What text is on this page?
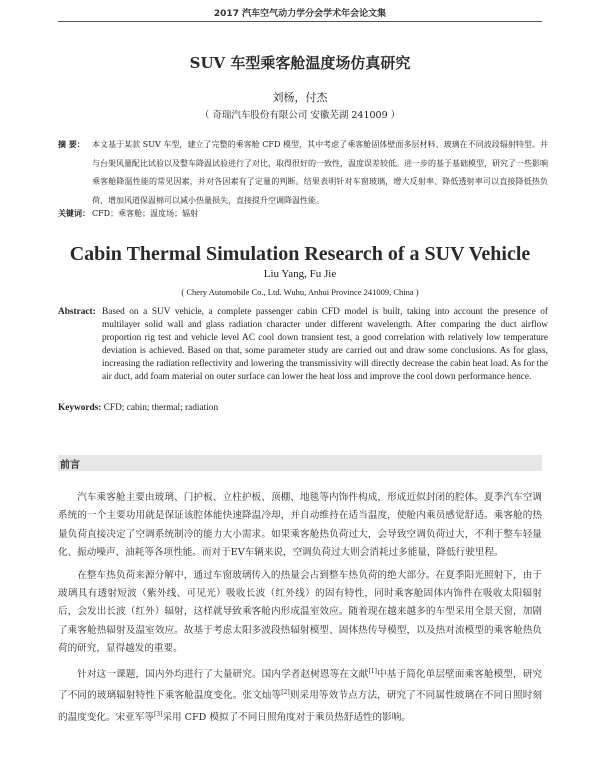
2017 汽车空气动力学分会学术年会论文集
SUV 车型乘客舱温度场仿真研究
刘杨，付杰
（ 奇瑞汽车股份有限公司 安徽芜湖 241009 ）
摘 要： 本文基于某款 SUV 车型，建立了完整的乘客舱 CFD 模型，其中考虑了乘客舱固体壁面多层材料、玻璃在不同波段辐射特型。并与台架风量配比试验以及整车降温试验进行了对比，取得很好的一致性，温度误差较低。进一步的基于基础模型，研究了一些影响乘客舱降温性能的常见因素，并对各因素有了定量的判断。结果表明针对车窗玻璃，增大反射率、降低透射率可以直接降低热负荷，增加风道保温棉可以减小热量损失，直接提升空调降温性能。
关键词： CFD；乘客舱；温度场；辐射
Cabin Thermal Simulation Research of a SUV Vehicle
Liu Yang, Fu Jie
( Chery Automobile Co., Ltd. Wuhu, Anhui Province 241009, China )
Abstract: Based on a SUV vehicle, a complete passenger cabin CFD model is built, taking into account the presence of multilayer solid wall and glass radiation character under different wavelength. After comparing the duct airflow proportion rig test and vehicle level AC cool down transient test, a good correlation with relatively low temperature deviation is achieved. Based on that, some parameter study are carried out and draw some conclusions. As for glass, increasing the radiation reflectivity and lowering the transmissivity will directly decrease the cabin heat load. As for the air duct, add foam material on outer surface can lower the heat loss and improve the cool down performance hence.
Keywords: CFD; cabin; thermal; radiation
前言

汽车乘客舱主要由玻璃、门护板、立柱护板、顶棚、地毯等内饰件构成，形成近似封闭的腔体。夏季汽车空调系统的一个主要功用就是保证该腔体能快速降温冷却，并自动维持在适当温度，使舱内乘员感觉舒适。乘客舱的热量负荷直接决定了空调系统制冷的能力大小需求。如果乘客舱热负荷过大，会导致空调负荷过大，不利于整车轻量化、振动噪声、油耗等各项性能。而对于EV车辆来说，空调负荷过大则会消耗过多能量，降低行驶里程。

在整车热负荷来源分解中，通过车窗玻璃传入的热量会占到整车热负荷的绝大部分。在夏季阳光照射下，由于玻璃具有透射短波（紫外线、可见光）吸收长波（红外线）的固有特性，同时乘客舱固体内饰件在吸收太阳辐射后，会发出长波（红外）辐射，这样就导致乘客舱内形成温室效应。随着现在越来越多的车型采用全景天窗，加剧了乘客舱热辐射及温室效应。故基于考虑太阳多波段热辐射模型、固体热传导模型，以及热对流模型的乘客舱热负荷的研究，显得越发的重要。

针对这一课题，国内外均进行了大量研究。国内学者赵树恩等在文献[1]中基于简化单层壁面乘客舱模型，研究了不同的玻璃辐射特性下乘客舱温度变化。张文灿等[2]则采用等效节点方法，研究了不同属性玻璃在不同日照时刻的温度变化。宋亚军等[3]采用 CFD 模拟了不同日照角度对于乘员热舒适性的影响。
